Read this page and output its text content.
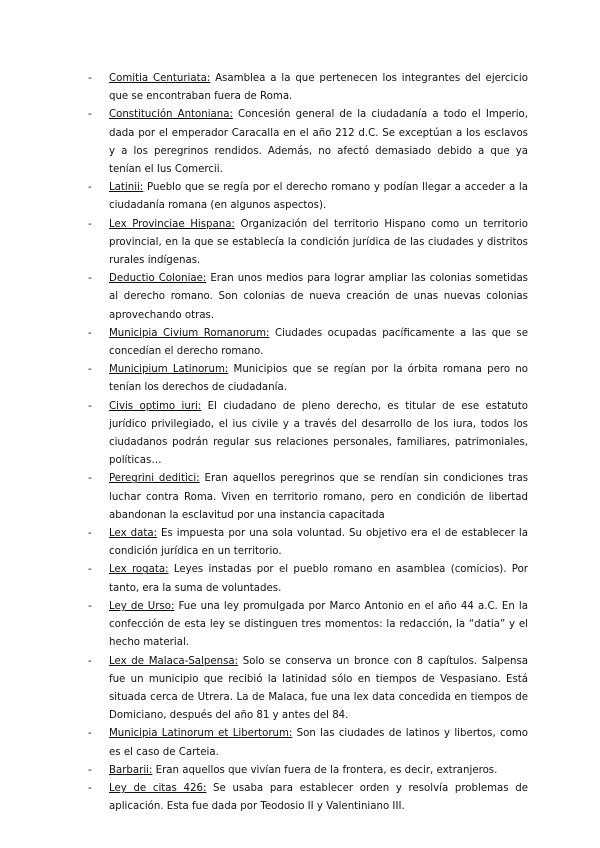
- Comitia Centuriata: Asamblea a la que pertenecen los integrantes del ejercicio que se encontraban fuera de Roma.
- Constitución Antoniana: Concesión general de la ciudadanía a todo el Imperio, dada por el emperador Caracalla en el año 212 d.C. Se exceptúan a los esclavos y a los peregrinos rendidos. Además, no afectó demasiado debido a que ya tenían el Ius Comercii.
- Latinii: Pueblo que se regía por el derecho romano y podían llegar a acceder a la ciudadanía romana (en algunos aspectos).
- Lex Provinciae Hispana: Organización del territorio Hispano como un territorio provincial, en la que se establecía la condición jurídica de las ciudades y distritos rurales indígenas.
- Deductio Coloniae: Eran unos medios para lograr ampliar las colonias sometidas al derecho romano. Son colonias de nueva creación de unas nuevas colonias aprovechando otras.
- Municipia Civium Romanorum: Ciudades ocupadas pacíficamente a las que se concedían el derecho romano.
- Municipium Latinorum: Municipios que se regían por la órbita romana pero no tenían los derechos de ciudadanía.
- Civis optimo iuri: El ciudadano de pleno derecho, es titular de ese estatuto jurídico privilegiado, el ius civile y a través del desarrollo de los iura, todos los ciudadanos podrán regular sus relaciones personales, familiares, patrimoniales, políticas…
- Peregrini deditici: Eran aquellos peregrinos que se rendían sin condiciones tras luchar contra Roma. Viven en territorio romano, pero en condición de libertad abandonan la esclavitud por una instancia capacitada
- Lex data: Es impuesta por una sola voluntad. Su objetivo era el de establecer la condición jurídica en un territorio.
- Lex rogata: Leyes instadas por el pueblo romano en asamblea (comicios). Por tanto, era la suma de voluntades.
- Ley de Urso: Fue una ley promulgada por Marco Antonio en el año 44 a.C. En la confección de esta ley se distinguen tres momentos: la redacción, la “datia” y el hecho material.
- Lex de Malaca-Salpensa: Solo se conserva un bronce con 8 capítulos. Salpensa fue un municipio que recibió la latinidad sólo en tiempos de Vespasiano. Está situada cerca de Utrera. La de Malaca, fue una lex data concedida en tiempos de Domiciano, después del año 81 y antes del 84.
- Municipia Latinorum et Libertorum: Son las ciudades de latinos y libertos, como es el caso de Carteia.
- Barbarii: Eran aquellos que vivían fuera de la frontera, es decir, extranjeros.
- Ley de citas 426: Se usaba para establecer orden y resolvía problemas de aplicación. Esta fue dada por Teodosio II y Valentiniano III.
